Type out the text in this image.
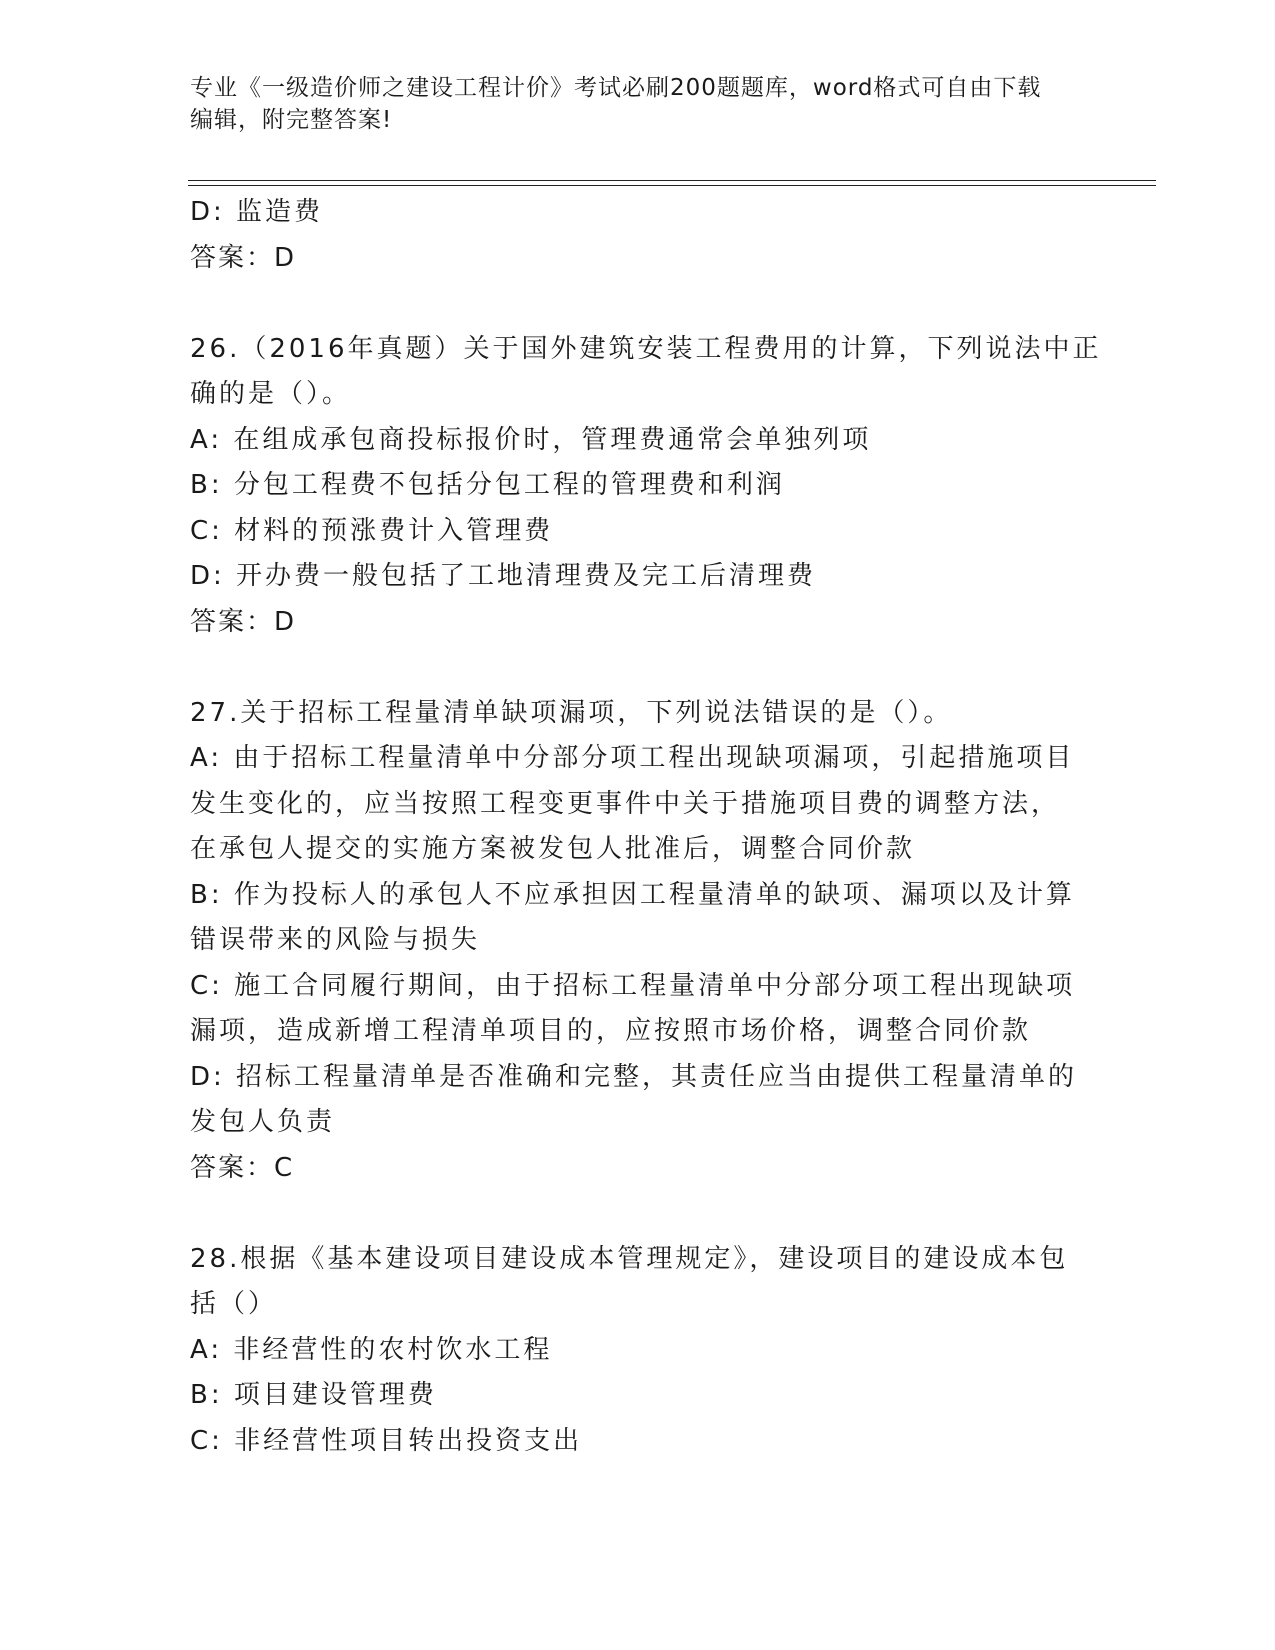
专业《一级造价师之建设工程计价》考试必刷200题题库，word格式可自由下载
编辑，附完整答案!
D: 监造费
答案：D
26.（2016年真题）关于国外建筑安装工程费用的计算，下列说法中正
确的是（）。
A: 在组成承包商投标报价时，管理费通常会单独列项
B: 分包工程费不包括分包工程的管理费和利润
C: 材料的预涨费计入管理费
D: 开办费一般包括了工地清理费及完工后清理费
答案：D
27.关于招标工程量清单缺项漏项，下列说法错误的是（）。
A: 由于招标工程量清单中分部分项工程出现缺项漏项，引起措施项目
发生变化的，应当按照工程变更事件中关于措施项目费的调整方法，
在承包人提交的实施方案被发包人批准后，调整合同价款
B: 作为投标人的承包人不应承担因工程量清单的缺项、漏项以及计算
错误带来的风险与损失
C: 施工合同履行期间，由于招标工程量清单中分部分项工程出现缺项
漏项，造成新增工程清单项目的，应按照市场价格，调整合同价款
D: 招标工程量清单是否准确和完整，其责任应当由提供工程量清单的
发包人负责
答案：C
28.根据《基本建设项目建设成本管理规定》，建设项目的建设成本包
括（）
A: 非经营性的农村饮水工程
B: 项目建设管理费
C: 非经营性项目转出投资支出
